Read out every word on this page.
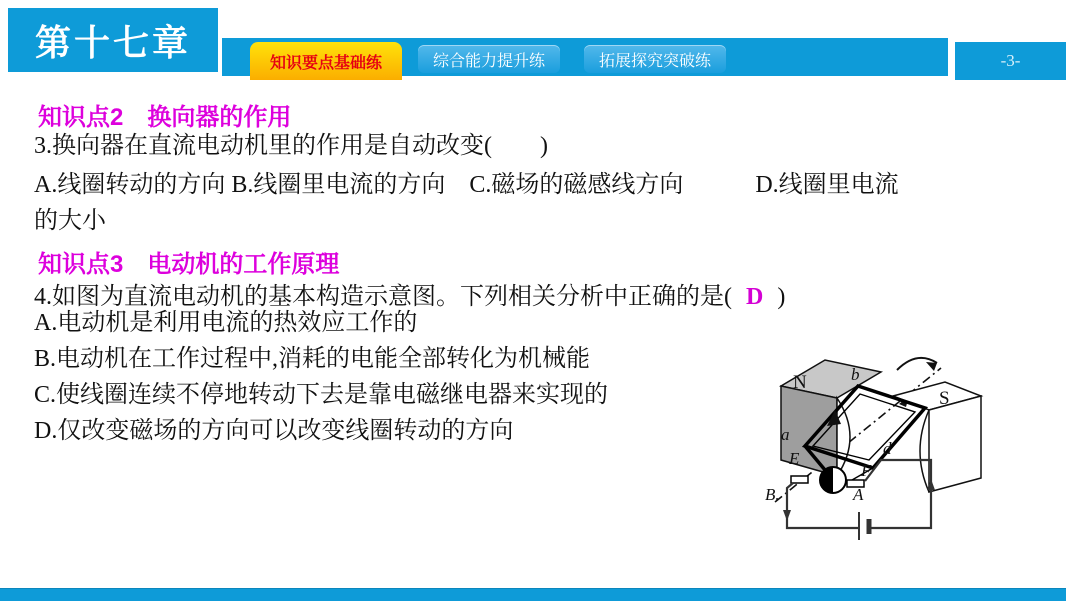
第十七章
知识要点基础练	综合能力提升练	拓展探究突破练	-3-
知识点2　换向器的作用
3.换向器在直流电动机里的作用是自动改变(　　)
A.线圈转动的方向 B.线圈里电流的方向　C.磁场的磁感线方向　　　D.线圈里电流
的大小
知识点3　电动机的工作原理
4.如图为直流电动机的基本构造示意图。下列相关分析中正确的是( D )
A.电动机是利用电流的热效应工作的
B.电动机在工作过程中,消耗的电能全部转化为机械能
C.使线圈连续不停地转动下去是靠电磁继电器来实现的
D.仅改变磁场的方向可以改变线圈转动的方向
N
S
a
b
d
E
F
A
B.
